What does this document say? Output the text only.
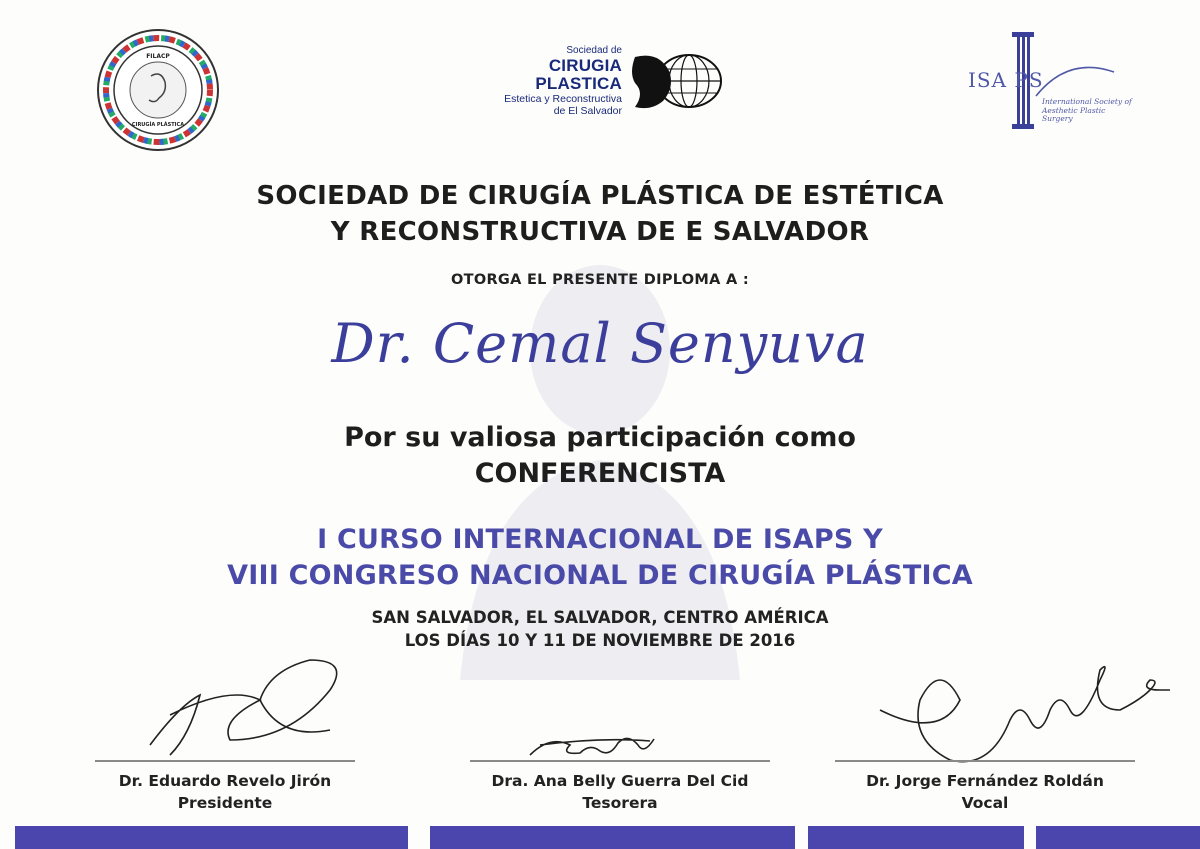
FILACP
CIRUGÍA PLÁSTICA
Sociedad de
CIRUGIA PLASTICA
Estetica y Reconstructiva
de El Salvador
ISA PS
International Society of Aesthetic Plastic Surgery
SOCIEDAD DE CIRUGÍA PLÁSTICA DE ESTÉTICA
Y RECONSTRUCTIVA DE E SALVADOR
OTORGA EL PRESENTE DIPLOMA A :
Dr. Cemal Senyuva
Por su valiosa participación como
CONFERENCISTA
I CURSO INTERNACIONAL DE ISAPS Y
VIII CONGRESO NACIONAL DE CIRUGÍA PLÁSTICA
SAN SALVADOR, EL SALVADOR, CENTRO AMÉRICA
LOS DÍAS 10 Y 11 DE NOVIEMBRE DE 2016
Dr. Eduardo Revelo Jirón
Presidente
Dra. Ana Belly Guerra Del Cid
Tesorera
Dr. Jorge Fernández Roldán
Vocal
